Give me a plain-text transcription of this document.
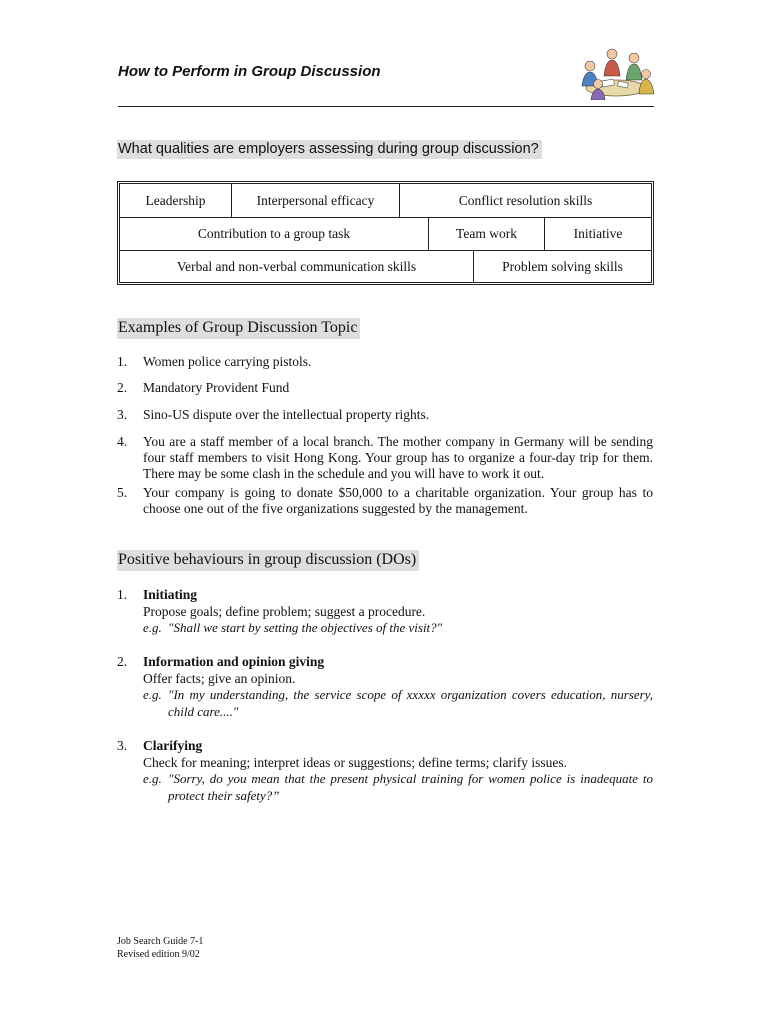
How to Perform in Group Discussion
What qualities are employers assessing during group discussion?
Leadership	Interpersonal efficacy	Conflict resolution skills
Contribution to a group task	Team work	Initiative
Verbal and non-verbal communication skills	Problem solving skills
Examples of Group Discussion Topic
1.	Women police carrying pistols.
2.	Mandatory Provident Fund
3.	Sino-US dispute over the intellectual property rights.
4.	You are a staff member of a local branch. The mother company in Germany will be sending four staff members to visit Hong Kong. Your group has to organize a four-day trip for them. There may be some clash in the schedule and you will have to work it out.
5.	Your company is going to donate $50,000 to a charitable organization. Your group has to choose one out of the five organizations suggested by the management.
Positive behaviours in group discussion (DOs)
1.	Initiating
Propose goals; define problem; suggest a procedure.
e.g. "Shall we start by setting the objectives of the visit?"
2.	Information and opinion giving
Offer facts; give an opinion.
e.g. "In my understanding, the service scope of xxxxx organization covers education, nursery, child care...."
3.	Clarifying
Check for meaning; interpret ideas or suggestions; define terms; clarify issues.
e.g. "Sorry, do you mean that the present physical training for women police is inadequate to protect their safety?”
Job Search Guide 7-1
Revised edition 9/02
